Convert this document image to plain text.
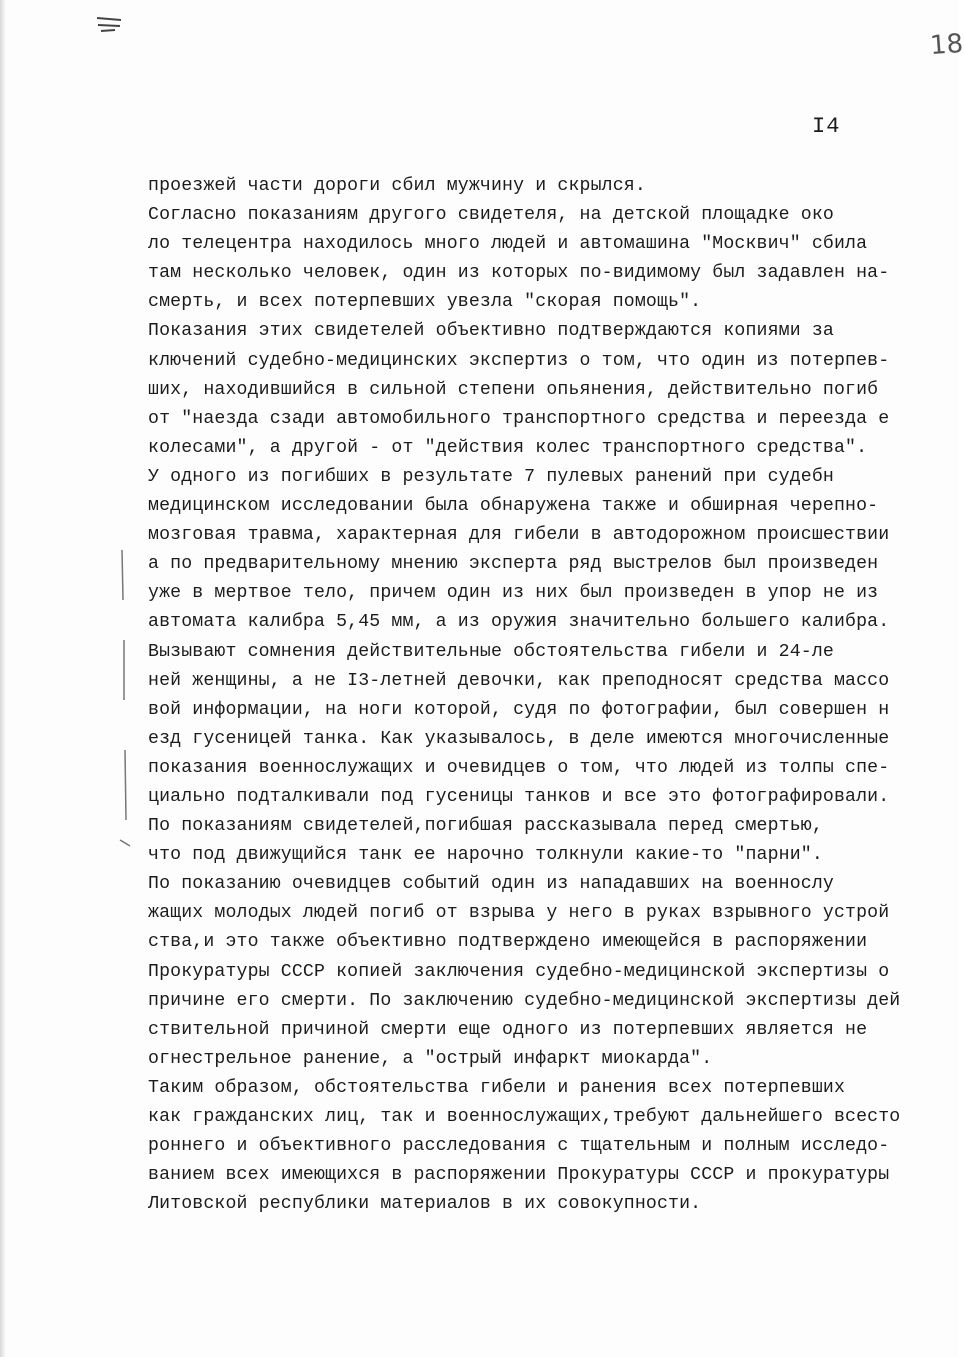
18
I4
проезжей части дороги сбил мужчину и скрылся.
Согласно показаниям другого свидетеля, на детской площадке око
ло телецентра находилось много людей и автомашина "Москвич" сбила
там несколько человек, один из которых по-видимому был задавлен на-
смерть, и всех потерпевших увезла "скорая помощь".
Показания этих свидетелей объективно подтверждаются копиями за
ключений судебно-медицинских экспертиз о том, что один из потерпев-
ших, находившийся в сильной степени опьянения, действительно погиб
от "наезда сзади автомобильного транспортного средства и переезда е
колесами", а другой - от "действия колес транспортного средства".
У одного из погибших в результате 7 пулевых ранений при судебн
медицинском исследовании была обнаружена также и обширная черепно-
мозговая травма, характерная для гибели в автодорожном происшествии
а по предварительному мнению эксперта ряд выстрелов был произведен
уже в мертвое тело, причем один из них был произведен в упор не из
автомата калибра 5,45 мм, а из оружия значительно большего калибра.
Вызывают сомнения действительные обстоятельства гибели и 24-ле
ней женщины, а не I3-летней девочки, как преподносят средства массо
вой информации, на ноги которой, судя по фотографии, был совершен н
езд гусеницей танка. Как указывалось, в деле имеются многочисленные
показания военнослужащих и очевидцев о том, что людей из толпы спе-
циально подталкивали под гусеницы танков и все это фотографировали.
По показаниям свидетелей,погибшая рассказывала перед смертью,
что под движущийся танк ее нарочно толкнули какие-то "парни".
По показанию очевидцев событий один из нападавших на военнослу
жащих молодых людей погиб от взрыва у него в руках взрывного устрой
ства,и это также объективно подтверждено имеющейся в распоряжении
Прокуратуры СССР копией заключения судебно-медицинской экспертизы о
причине его смерти. По заключению судебно-медицинской экспертизы дей
ствительной причиной смерти еще одного из потерпевших является не
огнестрельное ранение, а "острый инфаркт миокарда".
Таким образом, обстоятельства гибели и ранения всех потерпевших
как гражданских лиц, так и военнослужащих,требуют дальнейшего всесто
роннего и объективного расследования с тщательным и полным исследо-
ванием всех имеющихся в распоряжении Прокуратуры СССР и прокуратуры
Литовской республики материалов в их совокупности.
